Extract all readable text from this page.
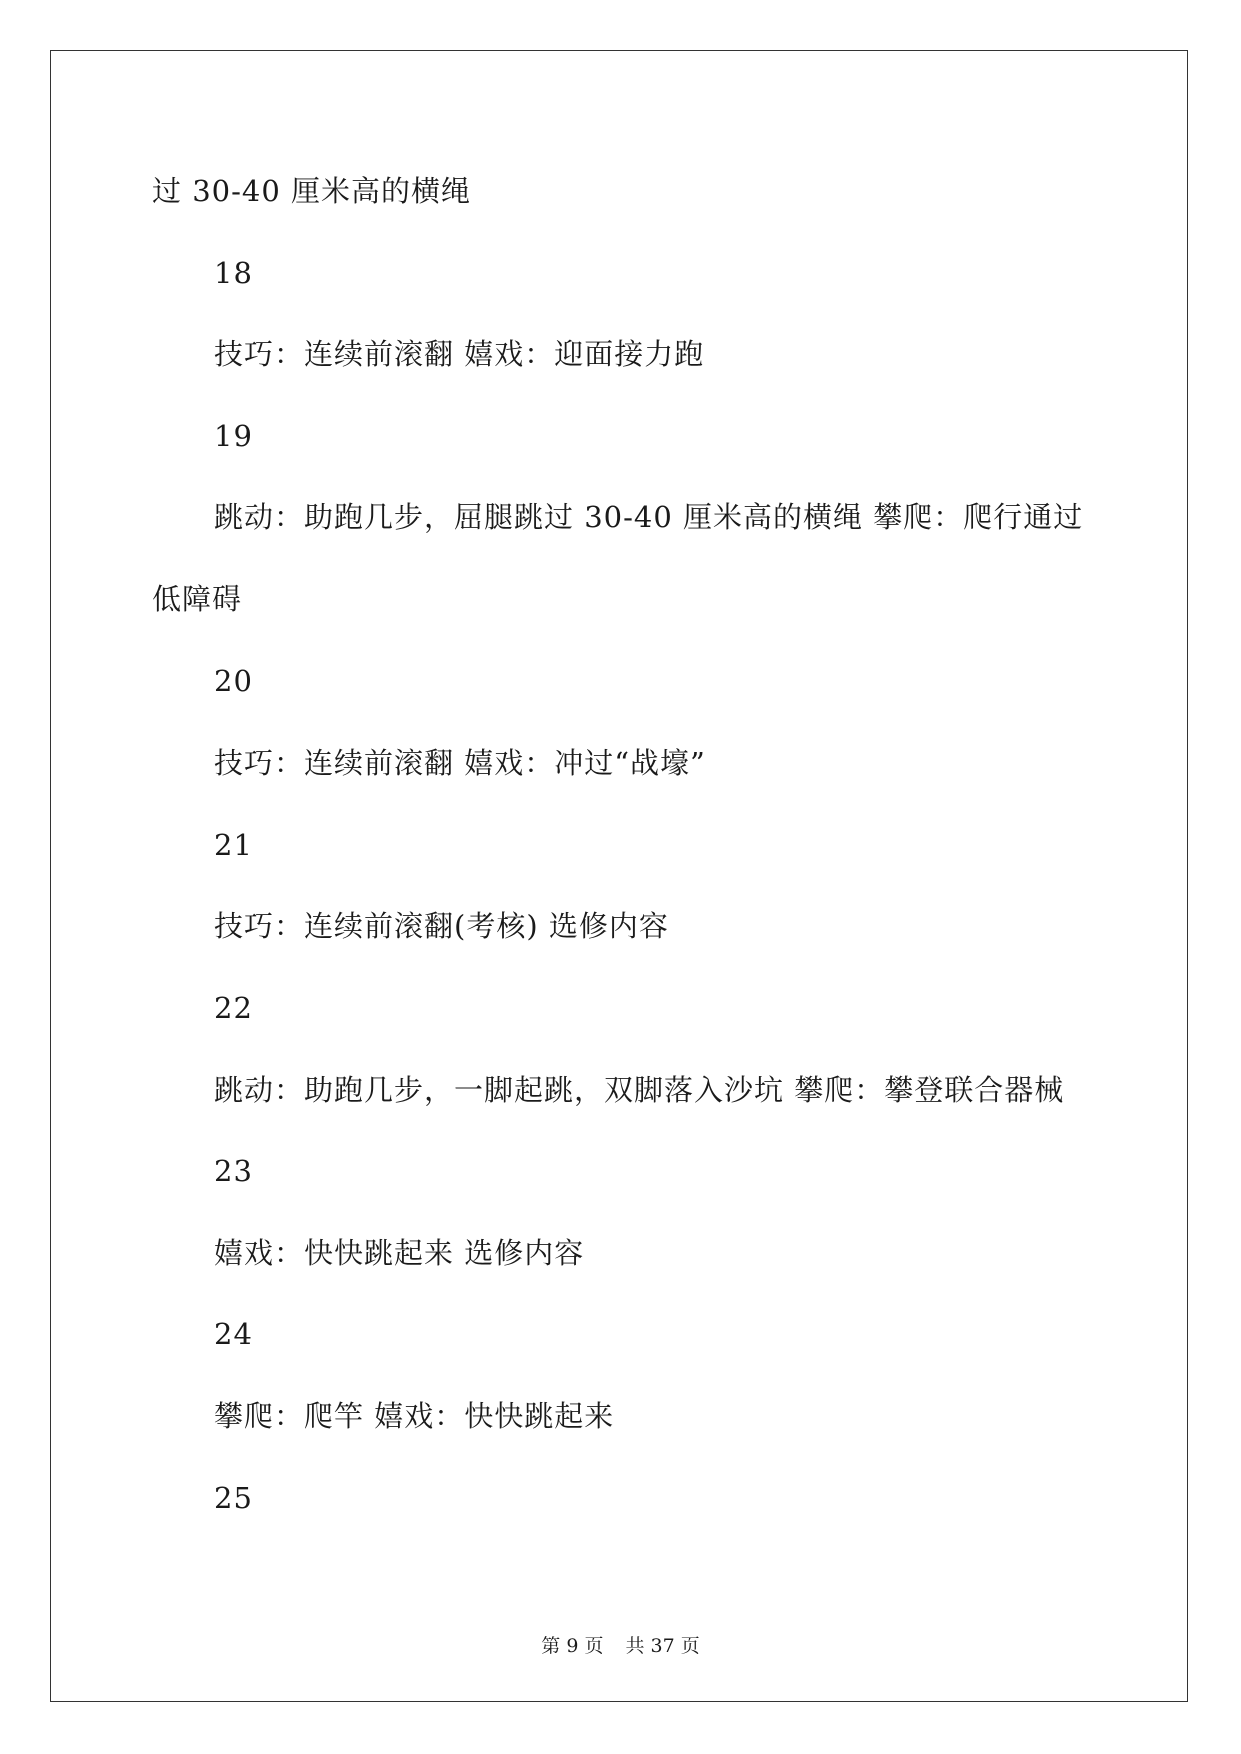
过 30-40 厘米高的横绳
18
技巧：连续前滚翻 嬉戏：迎面接力跑
19
跳动：助跑几步，屈腿跳过 30-40 厘米高的横绳 攀爬：爬行通过
低障碍
20
技巧：连续前滚翻 嬉戏：冲过“战壕”
21
技巧：连续前滚翻(考核) 选修内容
22
跳动：助跑几步，一脚起跳，双脚落入沙坑 攀爬：攀登联合器械
23
嬉戏：快快跳起来 选修内容
24
攀爬：爬竿 嬉戏：快快跳起来
25
第 9 页 共 37 页
